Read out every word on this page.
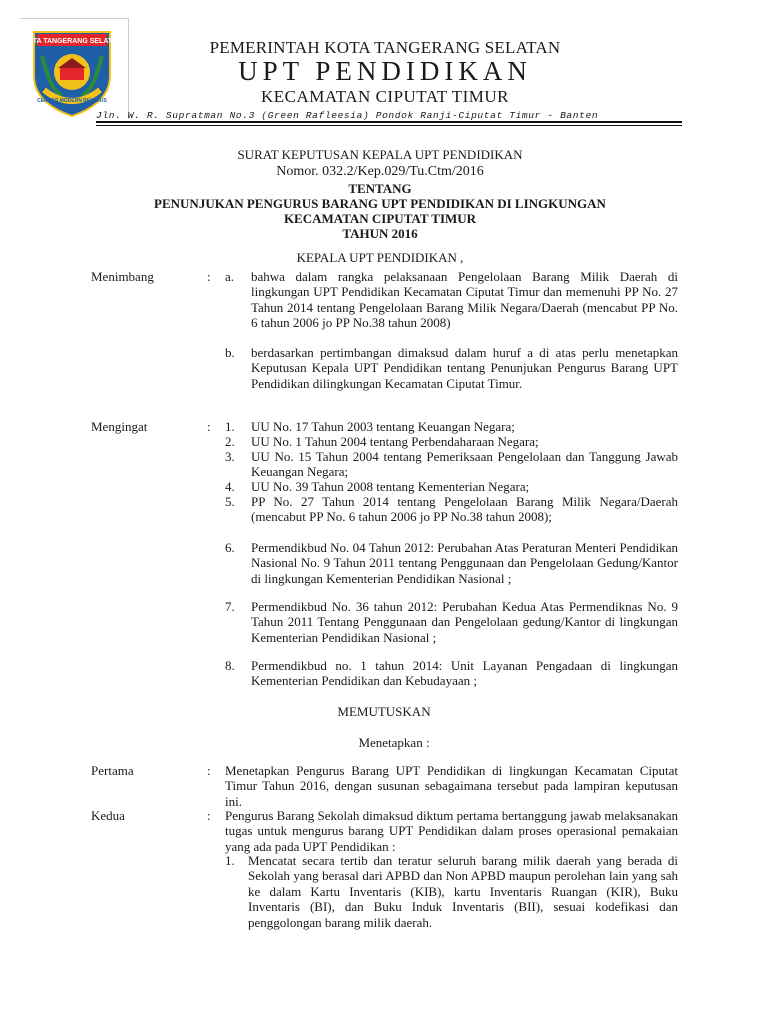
KOTA TANGERANG SELATAN
CERDAS MODERN RELIGIUS
PEMERINTAH KOTA TANGERANG SELATAN
UPT PENDIDIKAN
KECAMATAN CIPUTAT TIMUR
Jln. W. R. Supratman No.3 (Green Rafleesia) Pondok Ranji-Ciputat Timur - Banten
SURAT KEPUTUSAN KEPALA UPT PENDIDIKAN
Nomor. 032.2/Kep.029/Tu.Ctm/2016
TENTANG
PENUNJUKAN PENGURUS BARANG UPT PENDIDIKAN DI LINGKUNGAN
KECAMATAN CIPUTAT TIMUR
TAHUN 2016
KEPALA UPT PENDIDIKAN ,
Menimbang	: a. bahwa dalam rangka pelaksanaan Pengelolaan Barang Milik Daerah di lingkungan UPT Pendidikan Kecamatan Ciputat Timur dan memenuhi PP No. 27 Tahun 2014 tentang Pengelolaan Barang Milik Negara/Daerah (mencabut PP No. 6 tahun 2006 jo PP No.38 tahun 2008)
b. berdasarkan pertimbangan dimaksud dalam huruf a di atas perlu menetapkan Keputusan Kepala UPT Pendidikan tentang Penunjukan Pengurus Barang UPT Pendidikan dilingkungan Kecamatan Ciputat Timur.
Mengingat	: 1. UU No. 17 Tahun 2003 tentang Keuangan Negara;
2. UU No. 1 Tahun 2004 tentang Perbendaharaan Negara;
3. UU No. 15 Tahun 2004 tentang Pemeriksaan Pengelolaan dan Tanggung Jawab Keuangan Negara;
4. UU No. 39 Tahun 2008 tentang Kementerian Negara;
5. PP No. 27 Tahun 2014 tentang Pengelolaan Barang Milik Negara/Daerah (mencabut PP No. 6 tahun 2006 jo PP No.38 tahun 2008);
6. Permendikbud No. 04 Tahun 2012: Perubahan Atas Peraturan Menteri Pendidikan Nasional No. 9 Tahun 2011 tentang Penggunaan dan Pengelolaan Gedung/Kantor di lingkungan Kementerian Pendidikan Nasional ;
7. Permendikbud No. 36 tahun 2012: Perubahan Kedua Atas Permendiknas No. 9 Tahun 2011 Tentang Penggunaan dan Pengelolaan gedung/Kantor di lingkungan Kementerian Pendidikan Nasional ;
8. Permendikbud no. 1 tahun 2014: Unit Layanan Pengadaan di lingkungan Kementerian Pendidikan dan Kebudayaan ;
MEMUTUSKAN
Menetapkan :
Pertama	: Menetapkan Pengurus Barang UPT Pendidikan di lingkungan Kecamatan Ciputat Timur Tahun 2016, dengan susunan sebagaimana tersebut pada lampiran keputusan ini.
Kedua	: Pengurus Barang Sekolah dimaksud diktum pertama bertanggung jawab melaksanakan tugas untuk mengurus barang UPT Pendidikan dalam proses operasional pemakaian yang ada pada UPT Pendidikan :
1. Mencatat secara tertib dan teratur seluruh barang milik daerah yang berada di Sekolah yang berasal dari APBD dan Non APBD maupun perolehan lain yang sah ke dalam Kartu Inventaris (KIB), kartu Inventaris Ruangan (KIR), Buku Inventaris (BI), dan Buku Induk Inventaris (BII), sesuai kodefikasi dan penggolongan barang milik daerah.
